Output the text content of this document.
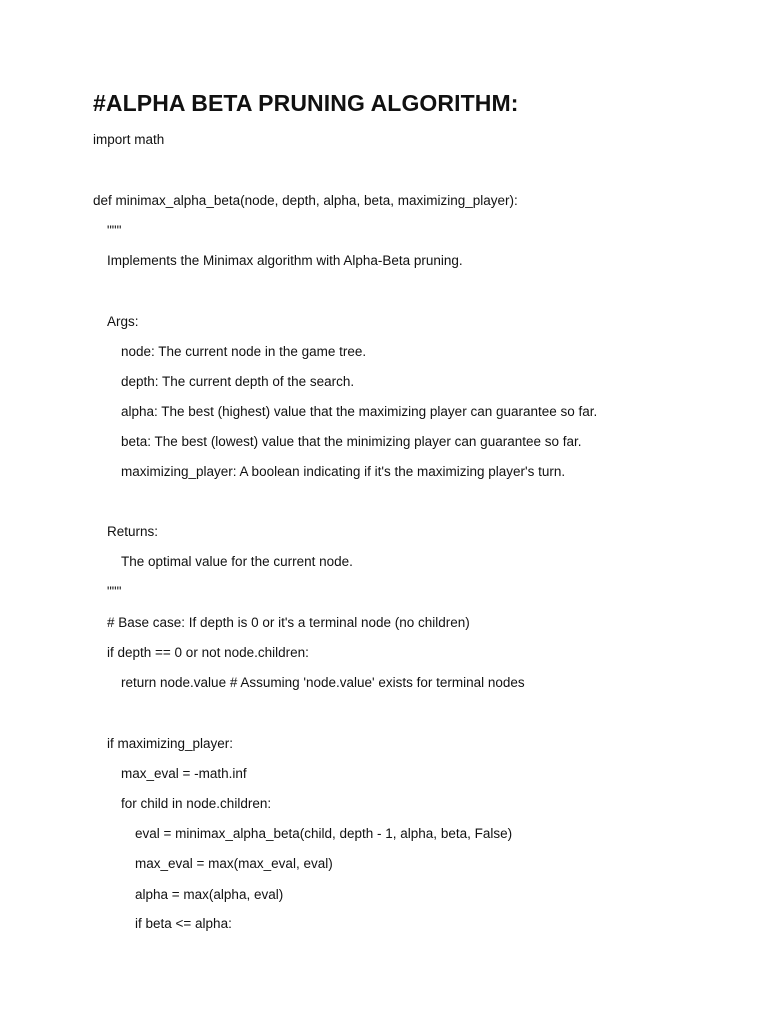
#ALPHA BETA PRUNING ALGORITHM:
import math
def minimax_alpha_beta(node, depth, alpha, beta, maximizing_player):
"""
Implements the Minimax algorithm with Alpha-Beta pruning.
Args:
node: The current node in the game tree.
depth: The current depth of the search.
alpha: The best (highest) value that the maximizing player can guarantee so far.
beta: The best (lowest) value that the minimizing player can guarantee so far.
maximizing_player: A boolean indicating if it's the maximizing player's turn.
Returns:
The optimal value for the current node.
"""
# Base case: If depth is 0 or it's a terminal node (no children)
if depth == 0 or not node.children:
return node.value # Assuming 'node.value' exists for terminal nodes
if maximizing_player:
max_eval = -math.inf
for child in node.children:
eval = minimax_alpha_beta(child, depth - 1, alpha, beta, False)
max_eval = max(max_eval, eval)
alpha = max(alpha, eval)
if beta <= alpha:
